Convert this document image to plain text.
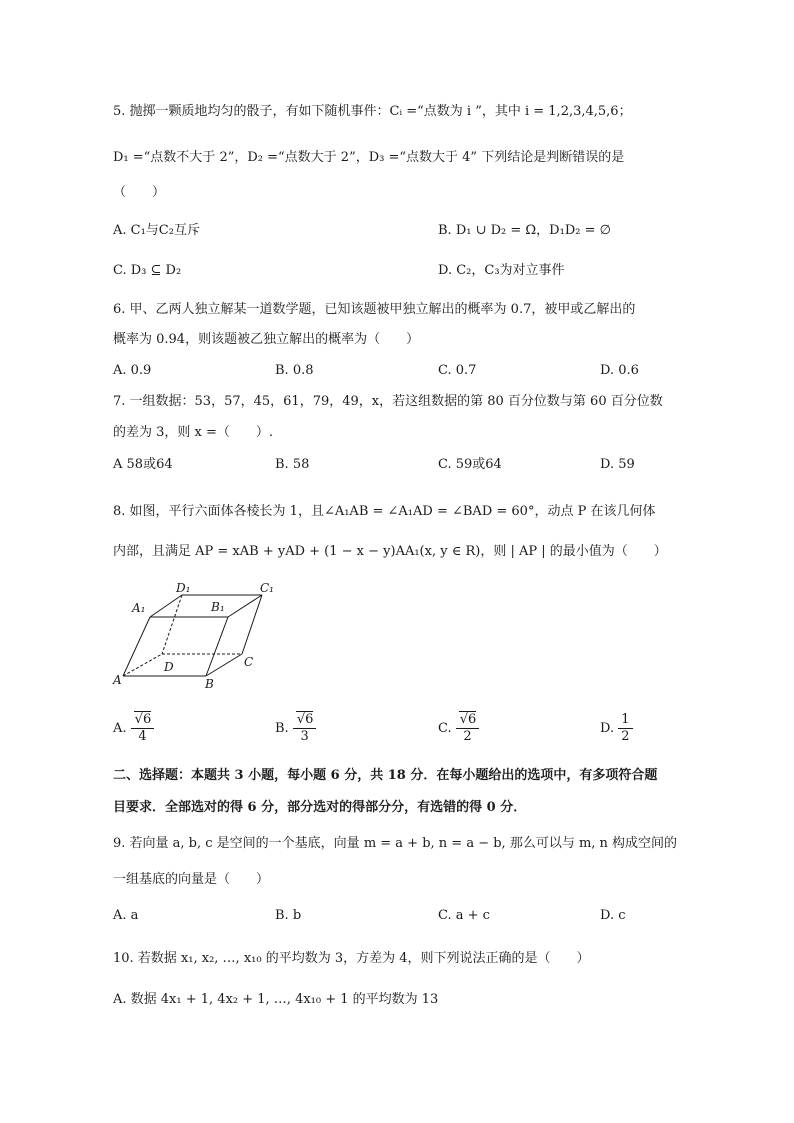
5. 抛掷一颗质地均匀的骰子，有如下随机事件：Cᵢ =“点数为 i ”，其中 i = 1,2,3,4,5,6；
D₁ =“点数不大于 2”，D₂ =“点数大于 2”，D₃ =“点数大于 4” 下列结论是判断错误的是
（　　）
A. C₁与C₂互斥	B. D₁ ∪ D₂ = Ω，D₁D₂ = ∅
C. D₃ ⊆ D₂	D. C₂，C₃为对立事件
6. 甲、乙两人独立解某一道数学题，已知该题被甲独立解出的概率为 0.7，被甲或乙解出的
概率为 0.94，则该题被乙独立解出的概率为（　　）
A. 0.9	B. 0.8	C. 0.7	D. 0.6
7. 一组数据：53，57，45，61，79，49，x，若这组数据的第 80 百分位数与第 60 百分位数
的差为 3，则 x =（　　）.
A 58或64	B. 58	C. 59或64	D. 59
8. 如图，平行六面体各棱长为 1，且∠A₁AB = ∠A₁AD = ∠BAD = 60°，动点 P 在该几何体
内部，且满足 AP = xAB + yAD + (1 − x − y)AA₁(x, y ∈ R)，则 | AP | 的最小值为（　　）
D₁	C₁
A₁	B₁
D	C
A	B
A. $\frac{√6}{4}$	B. $\frac{√6}{3}$	C. $\frac{√6}{2}$	D. $\frac{1}{2}$
二、选择题：本题共 3 小题，每小题 6 分，共 18 分．在每小题给出的选项中，有多项符合题
目要求．全部选对的得 6 分，部分选对的得部分分，有选错的得 0 分．
9. 若向量 a, b, c 是空间的一个基底，向量 m = a + b, n = a − b, 那么可以与 m, n 构成空间的
一组基底的向量是（　　）
A. a	B. b	C. a + c	D. c
10. 若数据 x₁, x₂, …, x₁₀ 的平均数为 3，方差为 4，则下列说法正确的是（　　）
A. 数据 4x₁ + 1, 4x₂ + 1, …, 4x₁₀ + 1 的平均数为 13
